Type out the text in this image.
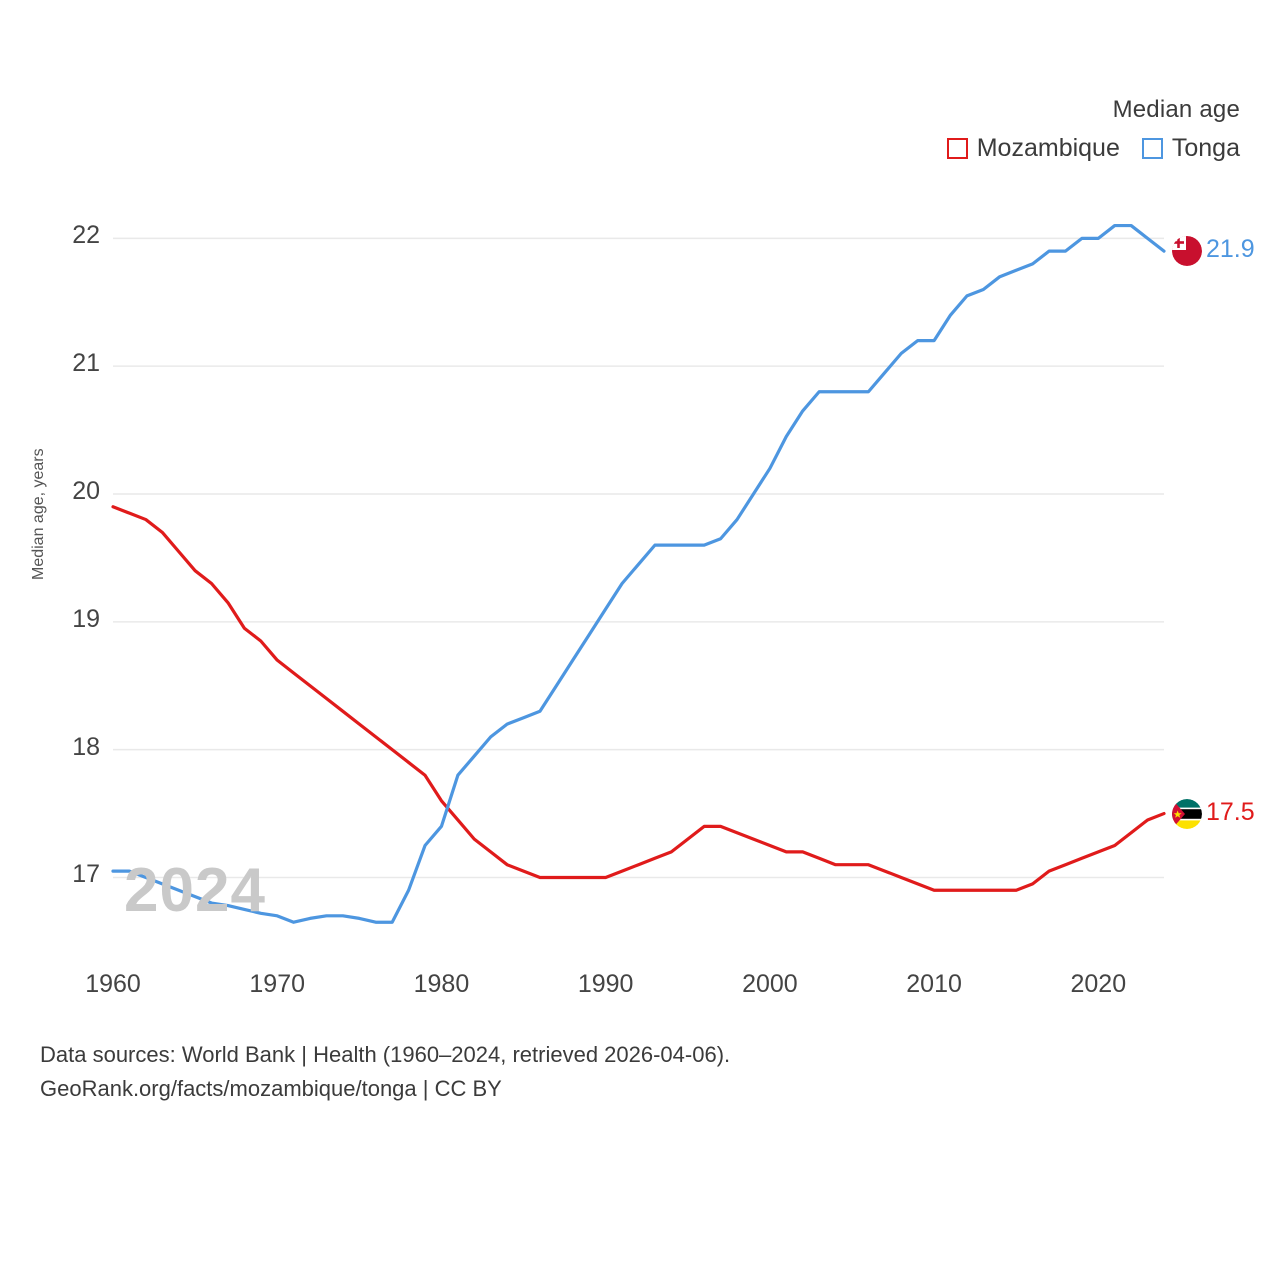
Median age
Mozambique Tonga
Median age, years
2024
17
18
19
20
21
22
1960	1970	1980	1990	2000	2010	2020
21.9
17.5
Data sources: World Bank | Health (1960–2024, retrieved 2026-04-06).
GeoRank.org/facts/mozambique/tonga | CC BY
